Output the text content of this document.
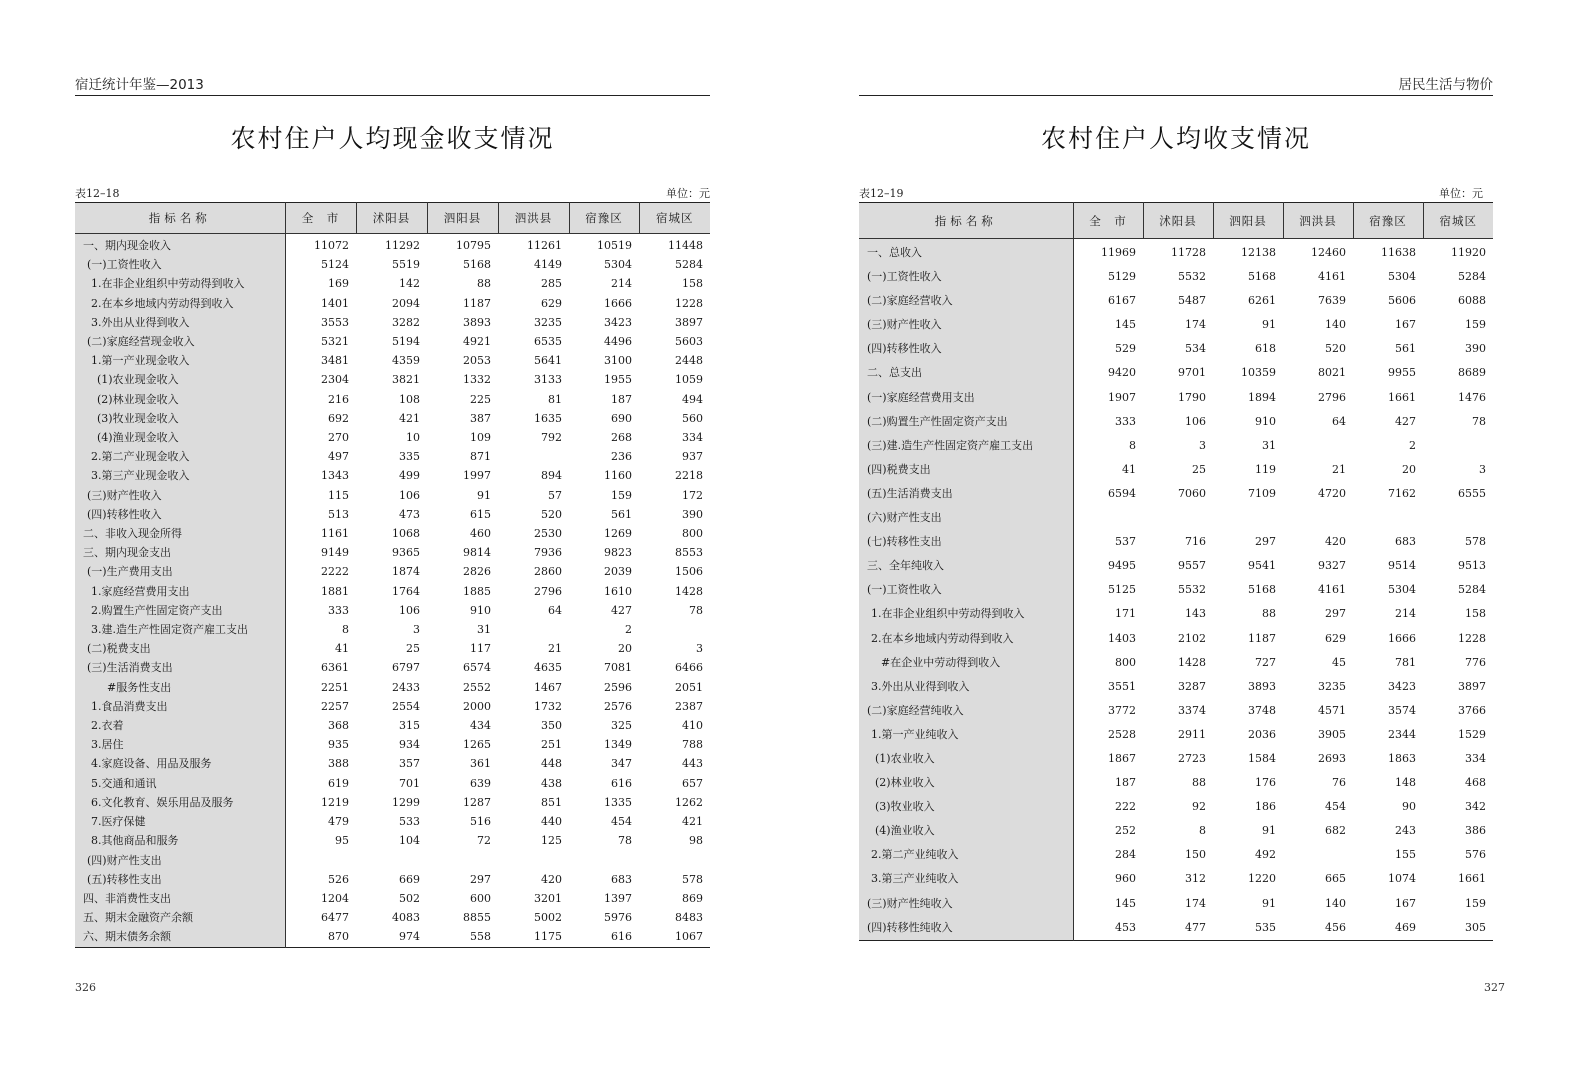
宿迁统计年鉴—2013
农村住户人均现金收支情况
表12–18	单位：元
指标名称	全　市	沭阳县	泗阳县	泗洪县	宿豫区	宿城区
一、期内现金收入	11072	11292	10795	11261	10519	11448
(一)工资性收入	5124	5519	5168	4149	5304	5284
1.在非企业组织中劳动得到收入	169	142	88	285	214	158
2.在本乡地域内劳动得到收入	1401	2094	1187	629	1666	1228
3.外出从业得到收入	3553	3282	3893	3235	3423	3897
(二)家庭经营现金收入	5321	5194	4921	6535	4496	5603
1.第一产业现金收入	3481	4359	2053	5641	3100	2448
(1)农业现金收入	2304	3821	1332	3133	1955	1059
(2)林业现金收入	216	108	225	81	187	494
(3)牧业现金收入	692	421	387	1635	690	560
(4)渔业现金收入	270	10	109	792	268	334
2.第二产业现金收入	497	335	871		236	937
3.第三产业现金收入	1343	499	1997	894	1160	2218
(三)财产性收入	115	106	91	57	159	172
(四)转移性收入	513	473	615	520	561	390
二、非收入现金所得	1161	1068	460	2530	1269	800
三、期内现金支出	9149	9365	9814	7936	9823	8553
(一)生产费用支出	2222	1874	2826	2860	2039	1506
1.家庭经营费用支出	1881	1764	1885	2796	1610	1428
2.购置生产性固定资产支出	333	106	910	64	427	78
3.建.造生产性固定资产雇工支出	8	3	31		2	
(二)税费支出	41	25	117	21	20	3
(三)生活消费支出	6361	6797	6574	4635	7081	6466
#服务性支出	2251	2433	2552	1467	2596	2051
1.食品消费支出	2257	2554	2000	1732	2576	2387
2.衣着	368	315	434	350	325	410
3.居住	935	934	1265	251	1349	788
4.家庭设备、用品及服务	388	357	361	448	347	443
5.交通和通讯	619	701	639	438	616	657
6.文化教育、娱乐用品及服务	1219	1299	1287	851	1335	1262
7.医疗保健	479	533	516	440	454	421
8.其他商品和服务	95	104	72	125	78	98
(四)财产性支出						
(五)转移性支出	526	669	297	420	683	578
四、非消费性支出	1204	502	600	3201	1397	869
五、期末金融资产余额	6477	4083	8855	5002	5976	8483
六、期末债务余额	870	974	558	1175	616	1067
326
居民生活与物价
农村住户人均收支情况
表12–19	单位：元
指标名称	全　市	沭阳县	泗阳县	泗洪县	宿豫区	宿城区
一、总收入	11969	11728	12138	12460	11638	11920
(一)工资性收入	5129	5532	5168	4161	5304	5284
(二)家庭经营收入	6167	5487	6261	7639	5606	6088
(三)财产性收入	145	174	91	140	167	159
(四)转移性收入	529	534	618	520	561	390
二、总支出	9420	9701	10359	8021	9955	8689
(一)家庭经营费用支出	1907	1790	1894	2796	1661	1476
(二)购置生产性固定资产支出	333	106	910	64	427	78
(三)建.造生产性固定资产雇工支出	8	3	31		2	
(四)税费支出	41	25	119	21	20	3
(五)生活消费支出	6594	7060	7109	4720	7162	6555
(六)财产性支出						
(七)转移性支出	537	716	297	420	683	578
三、全年纯收入	9495	9557	9541	9327	9514	9513
(一)工资性收入	5125	5532	5168	4161	5304	5284
1.在非企业组织中劳动得到收入	171	143	88	297	214	158
2.在本乡地域内劳动得到收入	1403	2102	1187	629	1666	1228
#在企业中劳动得到收入	800	1428	727	45	781	776
3.外出从业得到收入	3551	3287	3893	3235	3423	3897
(二)家庭经营纯收入	3772	3374	3748	4571	3574	3766
1.第一产业纯收入	2528	2911	2036	3905	2344	1529
(1)农业收入	1867	2723	1584	2693	1863	334
(2)林业收入	187	88	176	76	148	468
(3)牧业收入	222	92	186	454	90	342
(4)渔业收入	252	8	91	682	243	386
2.第二产业纯收入	284	150	492		155	576
3.第三产业纯收入	960	312	1220	665	1074	1661
(三)财产性纯收入	145	174	91	140	167	159
(四)转移性纯收入	453	477	535	456	469	305
327
